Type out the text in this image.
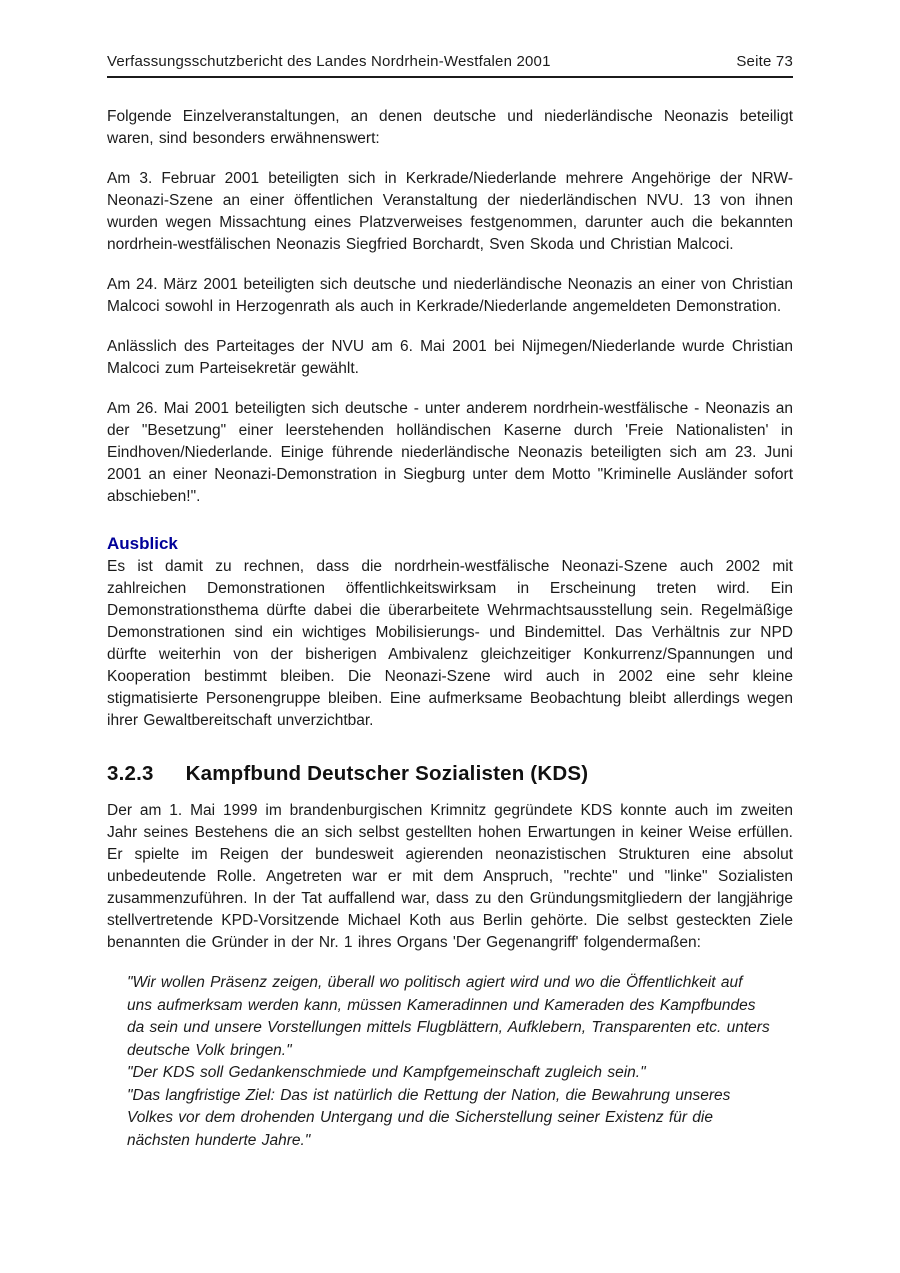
Verfassungsschutzbericht des Landes Nordrhein-Westfalen 2001	Seite 73

Folgende Einzelveranstaltungen, an denen deutsche und niederländische Neonazis beteiligt waren, sind besonders erwähnenswert:

Am 3. Februar 2001 beteiligten sich in Kerkrade/Niederlande mehrere Angehörige der NRW-Neonazi-Szene an einer öffentlichen Veranstaltung der niederländischen NVU. 13 von ihnen wurden wegen Missachtung eines Platzverweises festgenommen, darunter auch die bekannten nordrhein-westfälischen Neonazis Siegfried Borchardt, Sven Skoda und Christian Malcoci.

Am 24. März 2001 beteiligten sich deutsche und niederländische Neonazis an einer von Christian Malcoci sowohl in Herzogenrath als auch in Kerkrade/Niederlande angemeldeten Demonstration.

Anlässlich des Parteitages der NVU am 6. Mai 2001 bei Nijmegen/Niederlande wurde Christian Malcoci zum Parteisekretär gewählt.

Am 26. Mai 2001 beteiligten sich deutsche - unter anderem nordrhein-westfälische - Neonazis an der "Besetzung" einer leerstehenden holländischen Kaserne durch 'Freie Nationalisten' in Eindhoven/Niederlande. Einige führende niederländische Neonazis beteiligten sich am 23. Juni 2001 an einer Neonazi-Demonstration in Siegburg unter dem Motto "Kriminelle Ausländer sofort abschieben!".

Ausblick

Es ist damit zu rechnen, dass die nordrhein-westfälische Neonazi-Szene auch 2002 mit zahlreichen Demonstrationen öffentlichkeitswirksam in Erscheinung treten wird. Ein Demonstrationsthema dürfte dabei die überarbeitete Wehrmachtsausstellung sein. Regelmäßige Demonstrationen sind ein wichtiges Mobilisierungs- und Bindemittel. Das Verhältnis zur NPD dürfte weiterhin von der bisherigen Ambivalenz gleichzeitiger Konkurrenz/Spannungen und Kooperation bestimmt bleiben. Die Neonazi-Szene wird auch in 2002 eine sehr kleine stigmatisierte Personengruppe bleiben. Eine aufmerksame Beobachtung bleibt allerdings wegen ihrer Gewaltbereitschaft unverzichtbar.

3.2.3 Kampfbund Deutscher Sozialisten (KDS)

Der am 1. Mai 1999 im brandenburgischen Krimnitz gegründete KDS konnte auch im zweiten Jahr seines Bestehens die an sich selbst gestellten hohen Erwartungen in keiner Weise erfüllen. Er spielte im Reigen der bundesweit agierenden neonazistischen Strukturen eine absolut unbedeutende Rolle. Angetreten war er mit dem Anspruch, "rechte" und "linke" Sozialisten zusammenzuführen. In der Tat auffallend war, dass zu den Gründungsmitgliedern der langjährige stellvertretende KPD-Vorsitzende Michael Koth aus Berlin gehörte. Die selbst gesteckten Ziele benannten die Gründer in der Nr. 1 ihres Organs 'Der Gegenangriff' folgendermaßen:

"Wir wollen Präsenz zeigen, überall wo politisch agiert wird und wo die Öffentlichkeit auf uns aufmerksam werden kann, müssen Kameradinnen und Kameraden des Kampfbundes da sein und unsere Vorstellungen mittels Flugblättern, Aufklebern, Transparenten etc. unters deutsche Volk bringen."

"Der KDS soll Gedankenschmiede und Kampfgemeinschaft zugleich sein."

"Das langfristige Ziel: Das ist natürlich die Rettung der Nation, die Bewahrung unseres Volkes vor dem drohenden Untergang und die Sicherstellung seiner Existenz für die nächsten hunderte Jahre."
